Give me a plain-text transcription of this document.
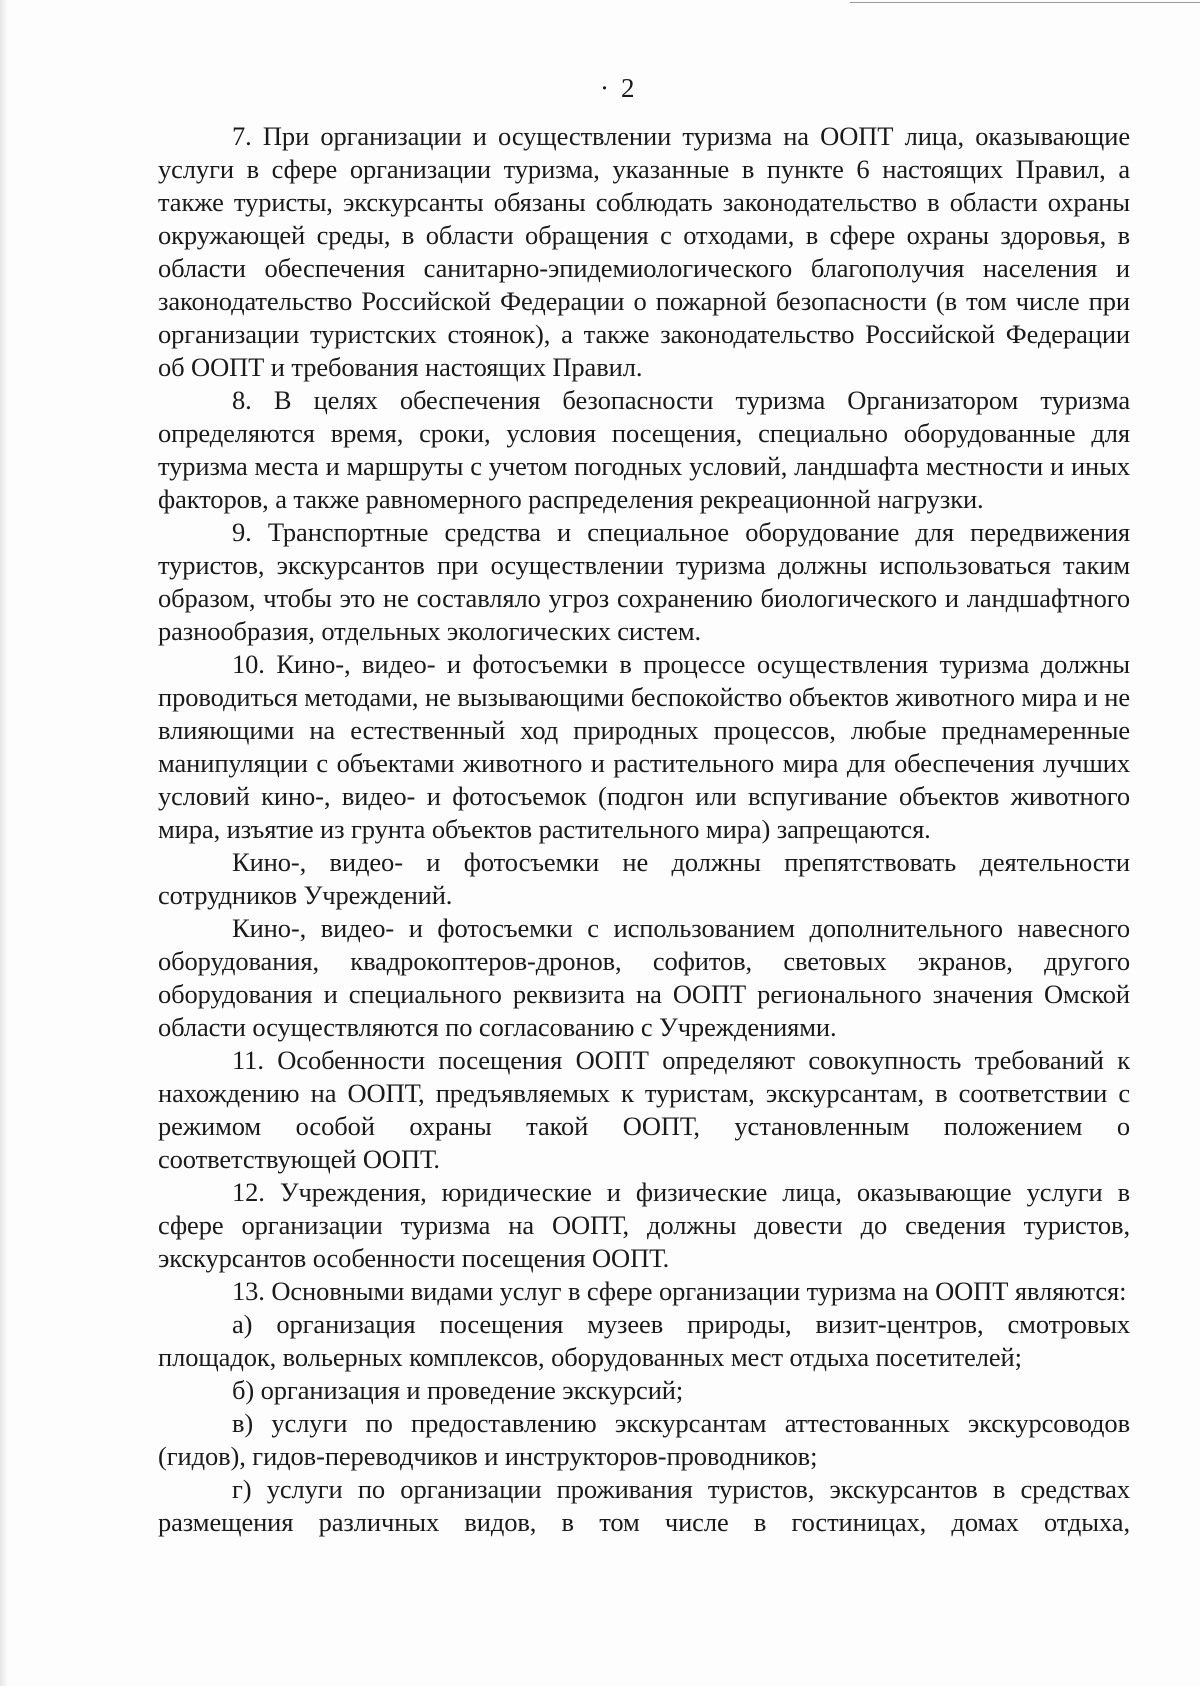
· 2

7. При организации и осуществлении туризма на ООПТ лица, оказывающие услуги в сфере организации туризма, указанные в пункте 6 настоящих Правил, а также туристы, экскурсанты обязаны соблюдать законодательство в области охраны окружающей среды, в области обращения с отходами, в сфере охраны здоровья, в области обеспечения санитарно-эпидемиологического благополучия населения и законодательство Российской Федерации о пожарной безопасности (в том числе при организации туристских стоянок), а также законодательство Российской Федерации об ООПТ и требования настоящих Правил.

8. В целях обеспечения безопасности туризма Организатором туризма определяются время, сроки, условия посещения, специально оборудованные для туризма места и маршруты с учетом погодных условий, ландшафта местности и иных факторов, а также равномерного распределения рекреационной нагрузки.

9. Транспортные средства и специальное оборудование для передвижения туристов, экскурсантов при осуществлении туризма должны использоваться таким образом, чтобы это не составляло угроз сохранению биологического и ландшафтного разнообразия, отдельных экологических систем.

10. Кино-, видео- и фотосъемки в процессе осуществления туризма должны проводиться методами, не вызывающими беспокойство объектов животного мира и не влияющими на естественный ход природных процессов, любые преднамеренные манипуляции с объектами животного и растительного мира для обеспечения лучших условий кино-, видео- и фотосъемок (подгон или вспугивание объектов животного мира, изъятие из грунта объектов растительного мира) запрещаются.

Кино-, видео- и фотосъемки не должны препятствовать деятельности сотрудников Учреждений.

Кино-, видео- и фотосъемки с использованием дополнительного навесного оборудования, квадрокоптеров-дронов, софитов, световых экранов, другого оборудования и специального реквизита на ООПТ регионального значения Омской области осуществляются по согласованию с Учреждениями.

11. Особенности посещения ООПТ определяют совокупность требований к нахождению на ООПТ, предъявляемых к туристам, экскурсантам, в соответствии с режимом особой охраны такой ООПТ, установленным положением о соответствующей ООПТ.

12. Учреждения, юридические и физические лица, оказывающие услуги в сфере организации туризма на ООПТ, должны довести до сведения туристов, экскурсантов особенности посещения ООПТ.

13. Основными видами услуг в сфере организации туризма на ООПТ являются:

а) организация посещения музеев природы, визит-центров, смотровых площадок, вольерных комплексов, оборудованных мест отдыха посетителей;

б) организация и проведение экскурсий;

в) услуги по предоставлению экскурсантам аттестованных экскурсоводов (гидов), гидов-переводчиков и инструкторов-проводников;

г) услуги по организации проживания туристов, экскурсантов в средствах размещения различных видов, в том числе в гостиницах, домах отдыха,
